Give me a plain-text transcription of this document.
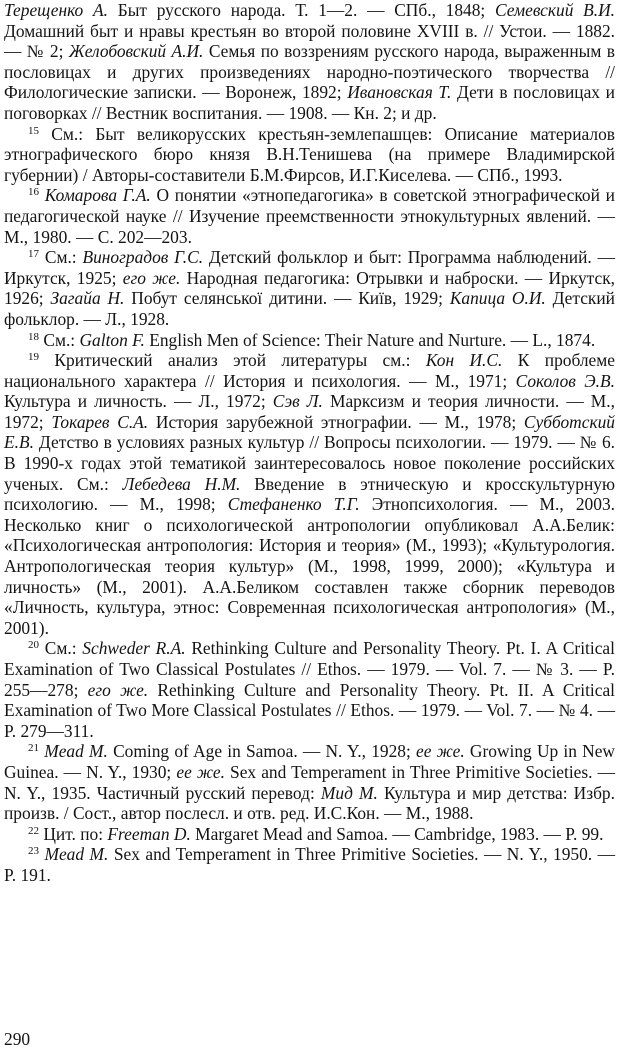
Терещенко А. Быт русского народа. Т. 1—2. — СПб., 1848; Семевский В.И. Домашний быт и нравы крестьян во второй половине XVIII в. // Устои. — 1882. — № 2; Желобовский А.И. Семья по воззрениям русского народа, выраженным в пословицах и других произведениях народно-поэтического творчества // Филологические записки. — Воронеж, 1892; Ивановская Т. Дети в пословицах и поговорках // Вестник воспитания. — 1908. — Кн. 2; и др.

$^{15}$ См.: Быт великорусских крестьян-землепашцев: Описание материалов этнографического бюро князя В.Н.Тенишева (на примере Владимирской губернии) / Авторы-составители Б.М.Фирсов, И.Г.Киселева. — СПб., 1993.

$^{16}$ Комарова Г.А. О понятии «этнопедагогика» в советской этнографической и педагогической науке // Изучение преемственности этнокультурных явлений. — М., 1980. — С. 202—203.

$^{17}$ См.: Виноградов Г.С. Детский фольклор и быт: Программа наблюдений. — Иркутск, 1925; его же. Народная педагогика: Отрывки и наброски. — Иркутск, 1926; Загайа Н. Побут селянської дитини. — Київ, 1929; Капица О.И. Детский фольклор. — Л., 1928.

$^{18}$ См.: Galton F. English Men of Science: Their Nature and Nurture. — L., 1874.

$^{19}$ Критический анализ этой литературы см.: Кон И.С. К проблеме национального характера // История и психология. — М., 1971; Соколов Э.В. Культура и личность. — Л., 1972; Сэв Л. Марксизм и теория личности. — М., 1972; Токарев С.А. История зарубежной этнографии. — М., 1978; Субботский Е.В. Детство в условиях разных культур // Вопросы психологии. — 1979. — № 6. В 1990-х годах этой тематикой заинтересовалось новое поколение российских ученых. См.: Лебедева Н.М. Введение в этническую и кросскультурную психологию. — М., 1998; Стефаненко Т.Г. Этнопсихология. — М., 2003. Несколько книг о психологической антропологии опубликовал А.А.Белик: «Психологическая антропология: История и теория» (М., 1993); «Культурология. Антропологическая теория культур» (М., 1998, 1999, 2000); «Культура и личность» (М., 2001). А.А.Беликом составлен также сборник переводов «Личность, культура, этнос: Современная психологическая антропология» (М., 2001).

$^{20}$ См.: Schweder R.A. Rethinking Culture and Personality Theory. Pt. I. A Critical Examination of Two Classical Postulates // Ethos. — 1979. — Vol. 7. — № 3. — P. 255—278; его же. Rethinking Culture and Personality Theory. Pt. II. A Critical Examination of Two More Classical Postulates // Ethos. — 1979. — Vol. 7. — № 4. — P. 279—311.

$^{21}$ Mead M. Coming of Age in Samoa. — N. Y., 1928; ее же. Growing Up in New Guinea. — N. Y., 1930; ее же. Sex and Temperament in Three Primitive Societies. — N. Y., 1935. Частичный русский перевод: Мид М. Культура и мир детства: Избр. произв. / Сост., автор послесл. и отв. ред. И.С.Кон. — М., 1988.

$^{22}$ Цит. по: Freeman D. Margaret Mead and Samoa. — Cambridge, 1983. — P. 99.

$^{23}$ Mead M. Sex and Temperament in Three Primitive Societies. — N. Y., 1950. — P. 191.

290
